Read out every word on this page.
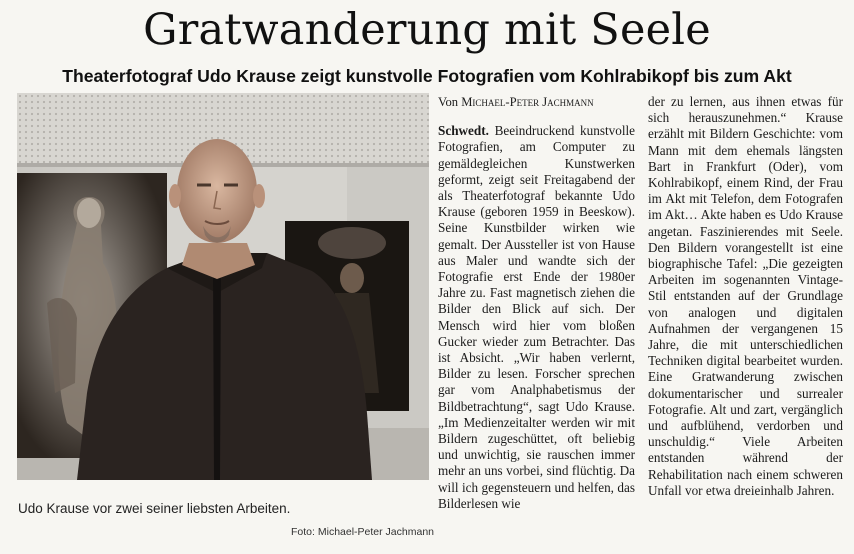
Gratwanderung mit Seele
Theaterfotograf Udo Krause zeigt kunstvolle Fotografien vom Kohlrabikopf bis zum Akt
Udo Krause vor zwei seiner liebsten Arbeiten.
Foto: Michael-Peter Jachmann

Von Michael-Peter Jachmann

Schwedt. Beeindruckend kunstvolle Fotografien, am Computer zu gemäldegleichen Kunstwerken geformt, zeigt seit Freitagabend der als Theaterfotograf bekannte Udo Krause (geboren 1959 in Beeskow). Seine Kunstbilder wirken wie gemalt. Der Aussteller ist von Hause aus Maler und wandte sich der Fotografie erst Ende der 1980er Jahre zu. Fast magnetisch ziehen die Bilder den Blick auf sich. Der Mensch wird hier vom bloßen Gucker wieder zum Betrachter. Das ist Absicht. „Wir haben verlernt, Bilder zu lesen. Forscher sprechen gar vom Analphabetismus der Bildbetrachtung“, sagt Udo Krause. „Im Medienzeitalter werden wir mit Bildern zugeschüttet, oft beliebig und unwichtig, sie rauschen immer mehr an uns vorbei, sind flüchtig. Da will ich gegensteuern und helfen, das Bilderlesen wie

der zu lernen, aus ihnen etwas für sich herauszunehmen.“ Krause erzählt mit Bildern Geschichte: vom Mann mit dem ehemals längsten Bart in Frankfurt (Oder), vom Kohlrabikopf, einem Rind, der Frau im Akt mit Telefon, dem Fotografen im Akt… Akte haben es Udo Krause angetan. Faszinierendes mit Seele. Den Bildern vorangestellt ist eine biographische Tafel: „Die gezeigten Arbeiten im sogenannten Vintage-Stil entstanden auf der Grundlage von analogen und digitalen Aufnahmen der vergangenen 15 Jahre, die mit unterschiedlichen Techniken digital bearbeitet wurden. Eine Gratwanderung zwischen dokumentarischer und surrealer Fotografie. Alt und zart, vergänglich und aufblühend, verdorben und unschuldig.“ Viele Arbeiten entstanden während der Rehabilitation nach einem schweren Unfall vor etwa dreieinhalb Jahren.
